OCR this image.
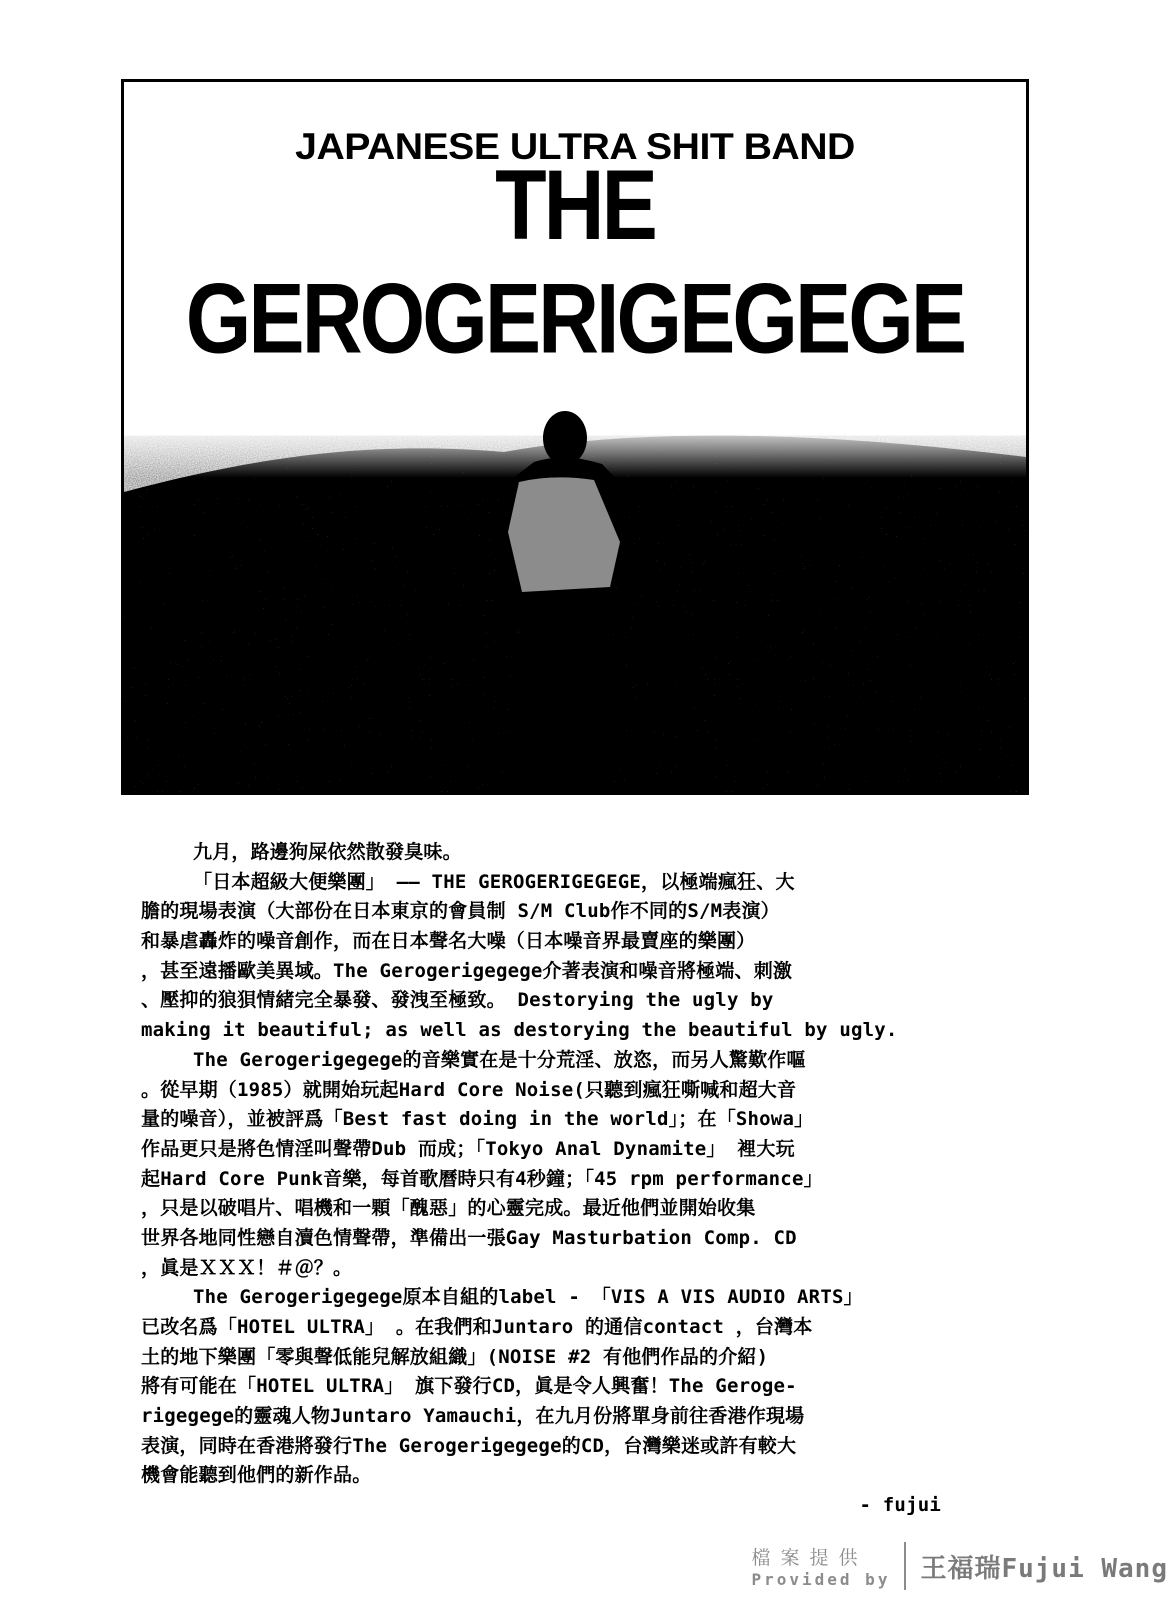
JAPANESE ULTRA SHIT BAND
THE GEROGERIGEGEGE
九月，路邊狗屎依然散發臭味。
「日本超級大便樂團」 —— THE GEROGERIGEGEGE，以極端瘋狂、大
膽的現場表演（大部份在日本東京的會員制 S/M Club作不同的S/M表演）
和暴虐轟炸的噪音創作，而在日本聲名大噪（日本噪音界最賣座的樂團）
，甚至遠播歐美異域。The Gerogerigegege介著表演和噪音將極端、刺激
、壓抑的狼狽情緒完全暴發、發洩至極致。 Destorying the ugly by
making it beautiful; as well as destorying the beautiful by ugly.
The Gerogerigegege的音樂實在是十分荒淫、放恣，而另人驚歎作嘔
。從早期（1985）就開始玩起Hard Core Noise(只聽到瘋狂嘶喊和超大音
量的噪音），並被評爲「Best fast doing in the world」；在「Showa」
作品更只是將色情淫叫聲帶Dub 而成；「Tokyo Anal Dynamite」 裡大玩
起Hard Core Punk音樂，每首歌曆時只有4秒鐘；「45 rpm performance」
，只是以破唱片、唱機和一顆「醜惡」的心靈完成。最近他們並開始收集
世界各地同性戀自瀆色情聲帶，準備出一張Gay Masturbation Comp. CD
，眞是ＸＸＸ！＃＠？。
The Gerogerigegege原本自組的label - 「VIS A VIS AUDIO ARTS」
已改名爲「HOTEL ULTRA」 。在我們和Juntaro 的通信contact ，台灣本
土的地下樂團「零與聲低能兒解放組織」(NOISE #2 有他們作品的介紹)
將有可能在「HOTEL ULTRA」 旗下發行CD，眞是令人興奮！The Geroge-
rigegege的靈魂人物Juntaro Yamauchi，在九月份將單身前往香港作現場
表演，同時在香港將發行The Gerogerigegege的CD，台灣樂迷或許有較大
機會能聽到他們的新作品。
- fujui
檔案提供
Provided by	王福瑞Fujui Wang
